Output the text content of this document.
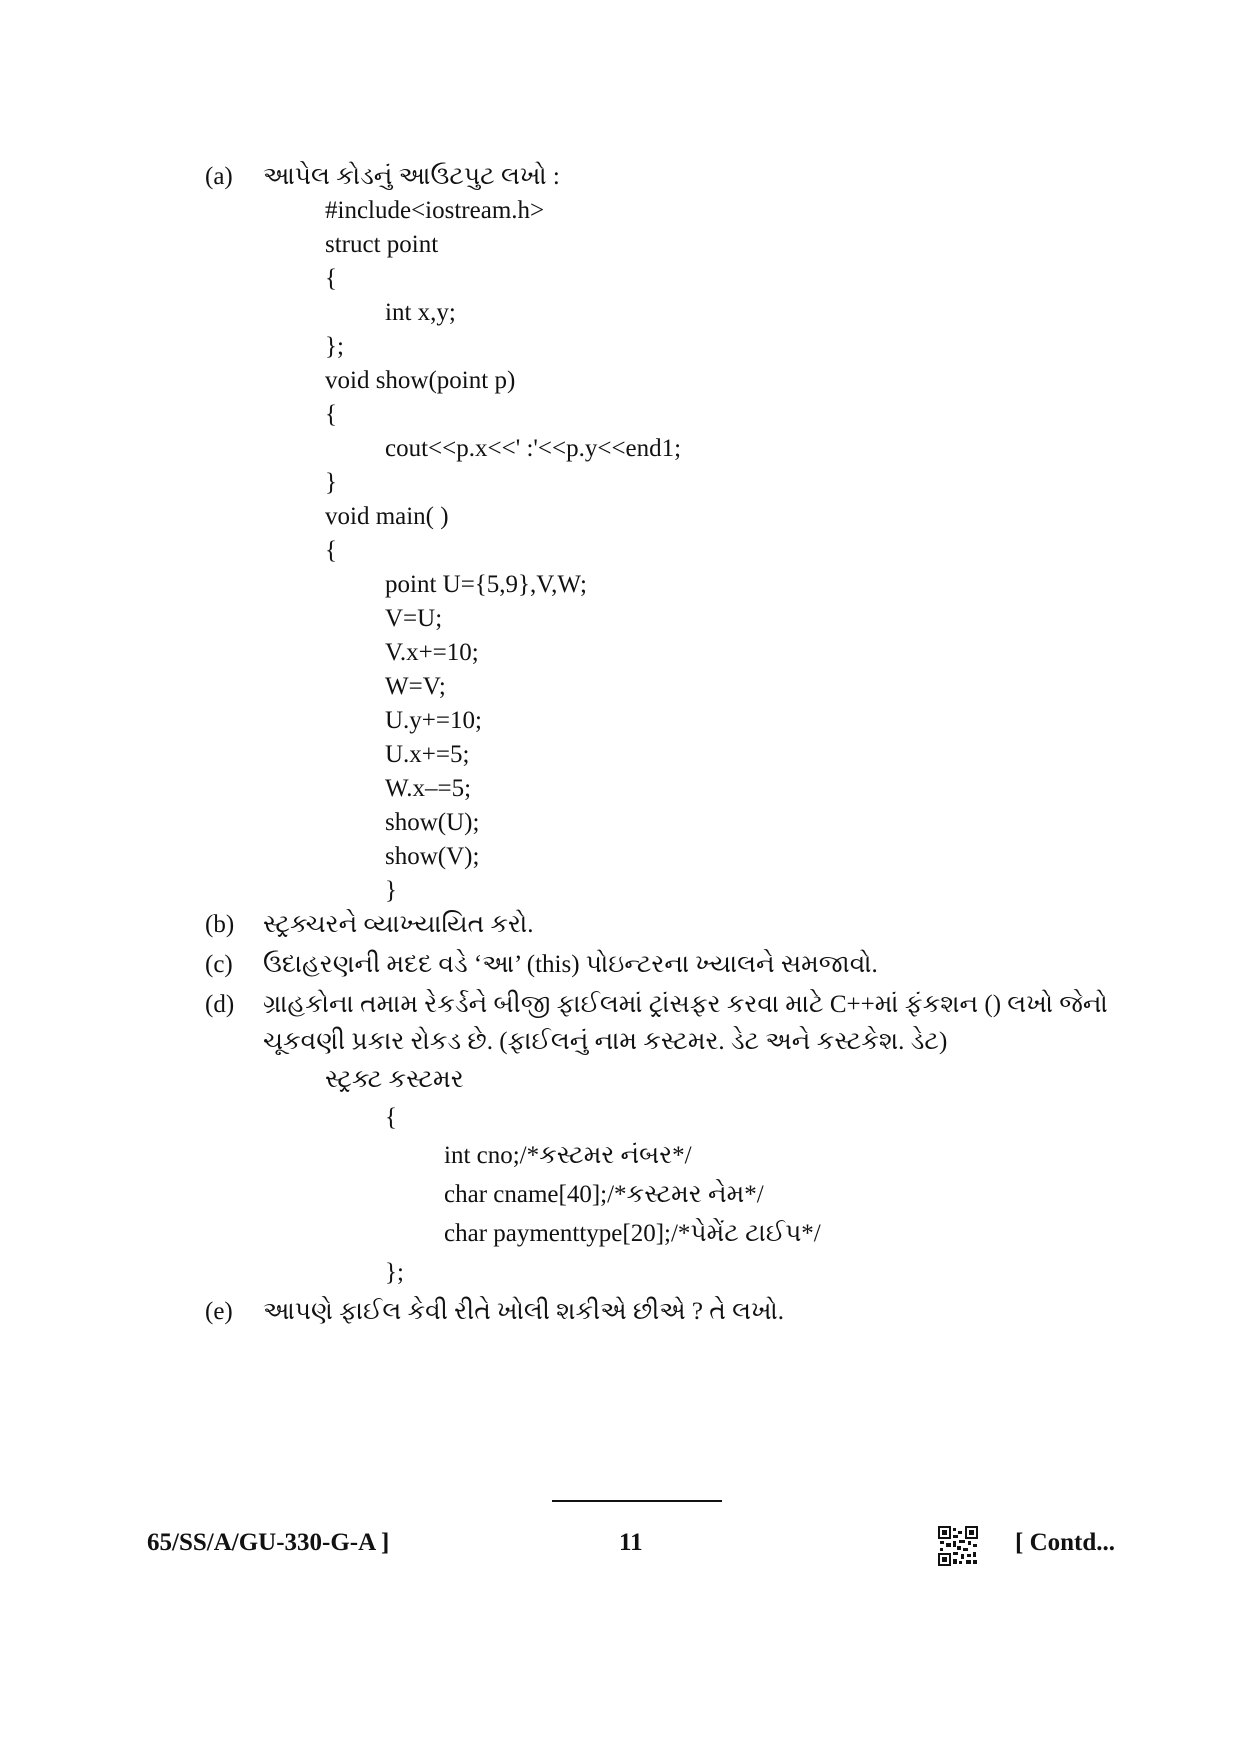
(a) આપેલ કોડનું આઉટપુટ લખો :
#include<iostream.h>
struct point
{
int x,y;
};
void show(point p)
{
cout<<p.x<<' :'<<p.y<<end1;
}
void main( )
{
point U={5,9},V,W;
V=U;
V.x+=10;
W=V;
U.y+=10;
U.x+=5;
W.x–=5;
show(U);
show(V);
}
(b) સ્ટ્રક્ચરને વ્યાખ્યાયિત કરો.
(c) ઉદાહરણની મદદ વડે ‘આ’ (this) પોઇન્ટરના ખ્યાલને સમજાવો.
(d) ગ્રાહકોના તમામ રેકર્ડને બીજી ફાઈલમાં ટ્રાંસફર કરવા માટે C++માં ફંકશન () લખો જેનો
ચૂકવણી પ્રકાર રોકડ છે. (ફાઈલનું નામ કસ્ટમર. ડેટ અને કસ્ટકેશ. ડેટ)
સ્ટ્રક્ટ કસ્ટમર
{
int cno;/*કસ્ટમર નંબર*/
char cname[40];/*કસ્ટમર નેમ*/
char paymenttype[20];/*પેમેંટ ટાઈપ*/
};
(e) આપણે ફાઈલ કેવી રીતે ખોલી શકીએ છીએ ? તે લખો.
65/SS/A/GU-330-G-A ]	11	[ Contd...
